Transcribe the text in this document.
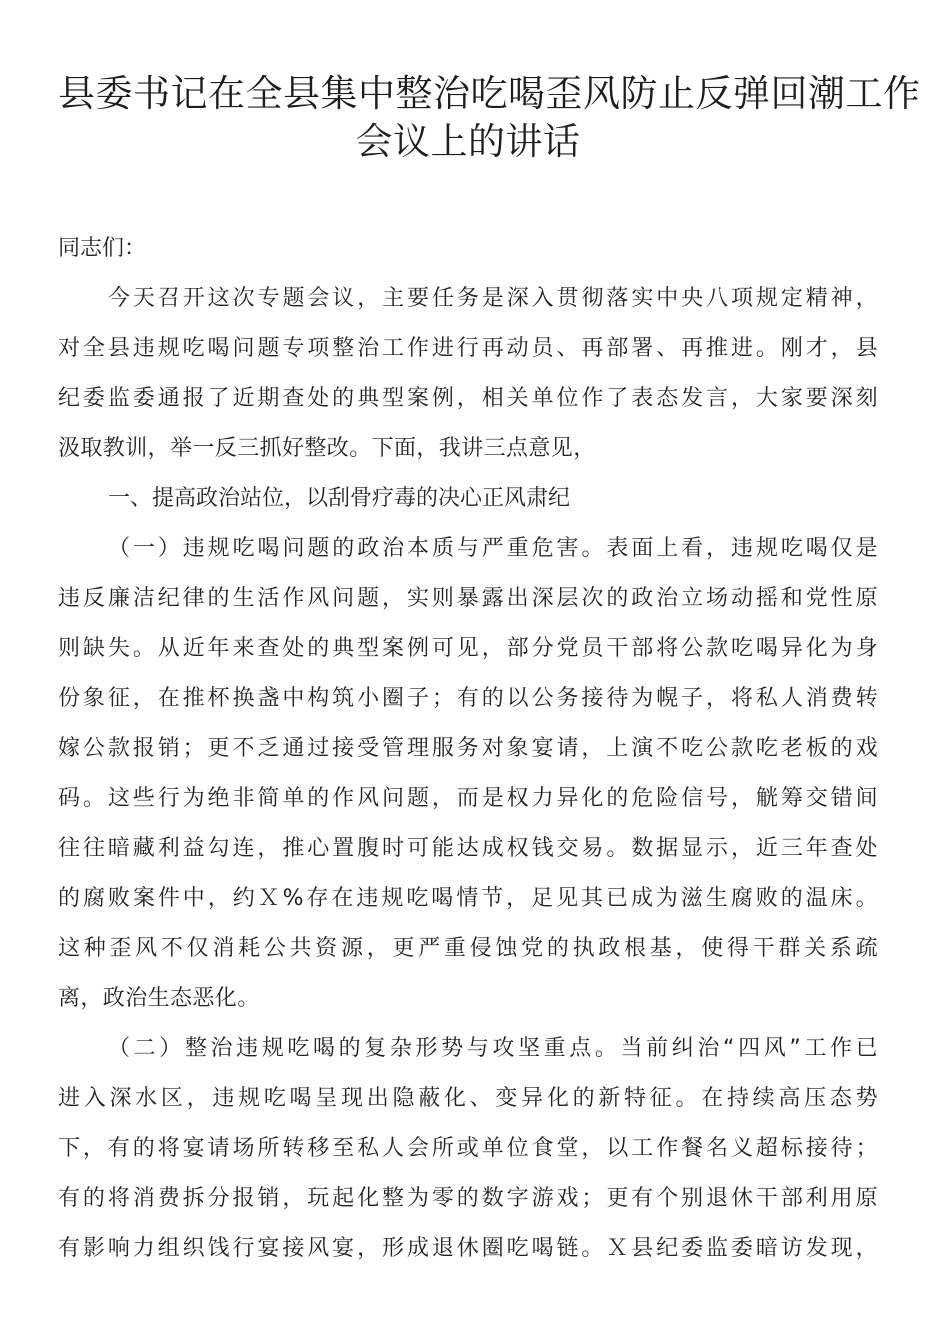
县委书记在全县集中整治吃喝歪风防止反弹回潮工作
会议上的讲话

同志们：

今天召开这次专题会议，主要任务是深入贯彻落实中央八项规定精神，
对全县违规吃喝问题专项整治工作进行再动员、再部署、再推进。刚才，县
纪委监委通报了近期查处的典型案例，相关单位作了表态发言，大家要深刻
汲取教训，举一反三抓好整改。下面，我讲三点意见，

一、提高政治站位，以刮骨疗毒的决心正风肃纪

（一）违规吃喝问题的政治本质与严重危害。表面上看，违规吃喝仅是
违反廉洁纪律的生活作风问题，实则暴露出深层次的政治立场动摇和党性原
则缺失。从近年来查处的典型案例可见，部分党员干部将公款吃喝异化为身
份象征，在推杯换盏中构筑小圈子；有的以公务接待为幌子，将私人消费转
嫁公款报销；更不乏通过接受管理服务对象宴请，上演不吃公款吃老板的戏
码。这些行为绝非简单的作风问题，而是权力异化的危险信号，觥筹交错间
往往暗藏利益勾连，推心置腹时可能达成权钱交易。数据显示，近三年查处
的腐败案件中，约Ｘ%存在违规吃喝情节，足见其已成为滋生腐败的温床。
这种歪风不仅消耗公共资源，更严重侵蚀党的执政根基，使得干群关系疏
离，政治生态恶化。

（二）整治违规吃喝的复杂形势与攻坚重点。当前纠治“四风”工作已
进入深水区，违规吃喝呈现出隐蔽化、变异化的新特征。在持续高压态势
下，有的将宴请场所转移至私人会所或单位食堂，以工作餐名义超标接待；
有的将消费拆分报销，玩起化整为零的数字游戏；更有个别退休干部利用原
有影响力组织饯行宴接风宴，形成退休圈吃喝链。Ｘ县纪委监委暗访发现，
